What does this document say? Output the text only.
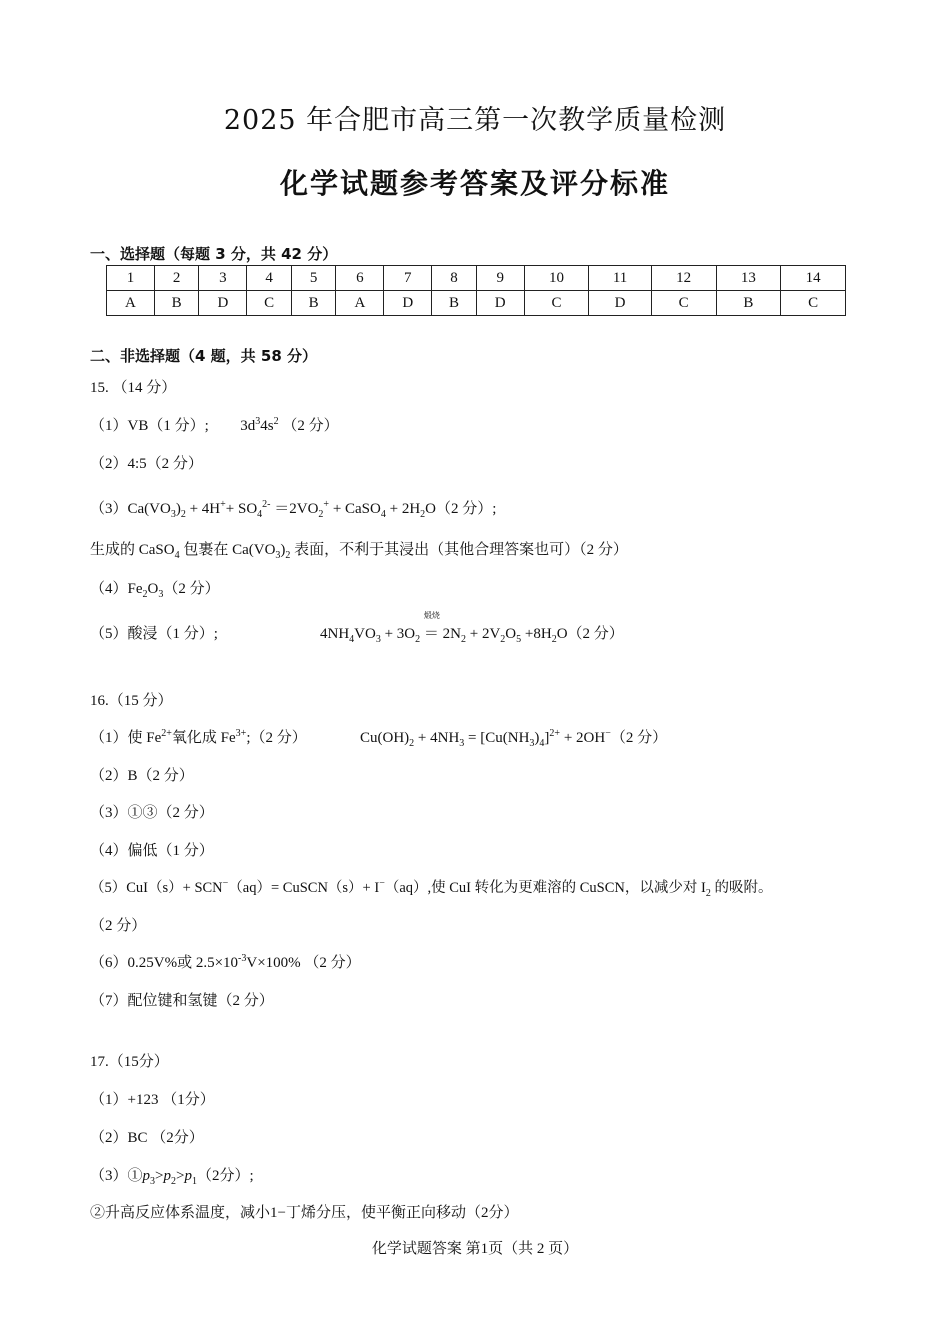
2025 年合肥市高三第一次教学质量检测
化学试题参考答案及评分标准
一、选择题（每题 3 分，共 42 分）
1	2	3	4	5	6	7	8	9	10	11	12	13	14
A	B	D	C	B	A	D	B	D	C	D	C	B	C
二、非选择题（4 题，共 58 分）
15. （14 分）
（1）VB（1 分）; $3d^34s^2$ （2 分）
（2）4:5（2 分）
$(3)Ca(VO_3)_2 + 4H^++ SO_4^{2-} =2VO_2^+$ + CaSO$_4$ + $2H_2O(2$ 分）;
生成的 CaSO$_4$ 包裹在 $Ca(VO_3)_2$ 表面，不利于其浸出（其他合理答案也可）（2 分）
$(4)Fe_2O_3(2$ 分）
（5）酸浸（1 分）;	$4NH_4VO_3 + 3O_2$
煅烧
＝ $2N_2 + 2V_2O_5 +8H_2O(2$ 分）
16.（15 分）
（1）使 $Fe^{2+}$氧化成 $Fe^{3+};(2$ 分）	$Cu(OH)_2 + 4NH_3 = [Cu(NH_3)_4]^{2+} + 2OH^-(2$ 分）
（2）B（2 分）
（3）①③（2 分）
（4）偏低（1 分）
（5）CuI（s）+ SCN−（aq）= CuSCN（s）+ I−（aq）,使 CuI 转化为更难溶的 CuSCN，以减少对 $I_2$ 的吸附。
（2 分）
（6）0.25V%或 $2.5\times 10^{-3}V\times 100\%$ （2 分）
（7）配位键和氢键（2 分）
17.（15分）
（1）+123 （1分）
（2）BC （2分）
$(3)①p_3>p_2>p_1(2$分）;
②升高反应体系温度，减小1−丁烯分压，使平衡正向移动（2分）
化学试题答案 第1页（共 2 页）
